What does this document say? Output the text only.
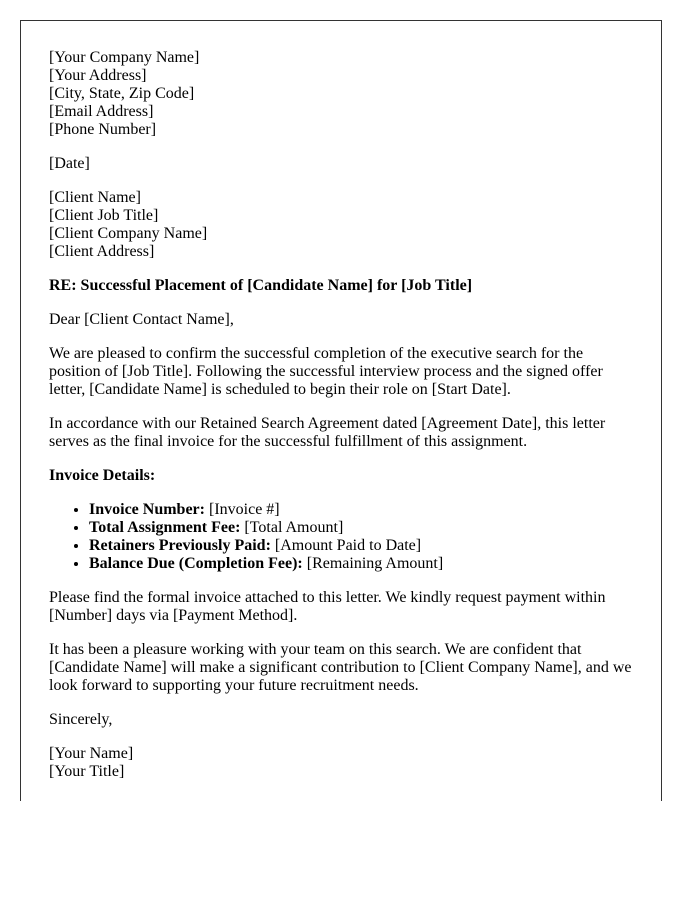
[Your Company Name]
[Your Address]
[City, State, Zip Code]
[Email Address]
[Phone Number]

[Date]

[Client Name]
[Client Job Title]
[Client Company Name]
[Client Address]

RE: Successful Placement of [Candidate Name] for [Job Title]

Dear [Client Contact Name],

We are pleased to confirm the successful completion of the executive search for the position of [Job Title]. Following the successful interview process and the signed offer letter, [Candidate Name] is scheduled to begin their role on [Start Date].

In accordance with our Retained Search Agreement dated [Agreement Date], this letter serves as the final invoice for the successful fulfillment of this assignment.

Invoice Details:

• Invoice Number: [Invoice #]
• Total Assignment Fee: [Total Amount]
• Retainers Previously Paid: [Amount Paid to Date]
• Balance Due (Completion Fee): [Remaining Amount]

Please find the formal invoice attached to this letter. We kindly request payment within [Number] days via [Payment Method].

It has been a pleasure working with your team on this search. We are confident that [Candidate Name] will make a significant contribution to [Client Company Name], and we look forward to supporting your future recruitment needs.

Sincerely,

[Your Name]
[Your Title]
